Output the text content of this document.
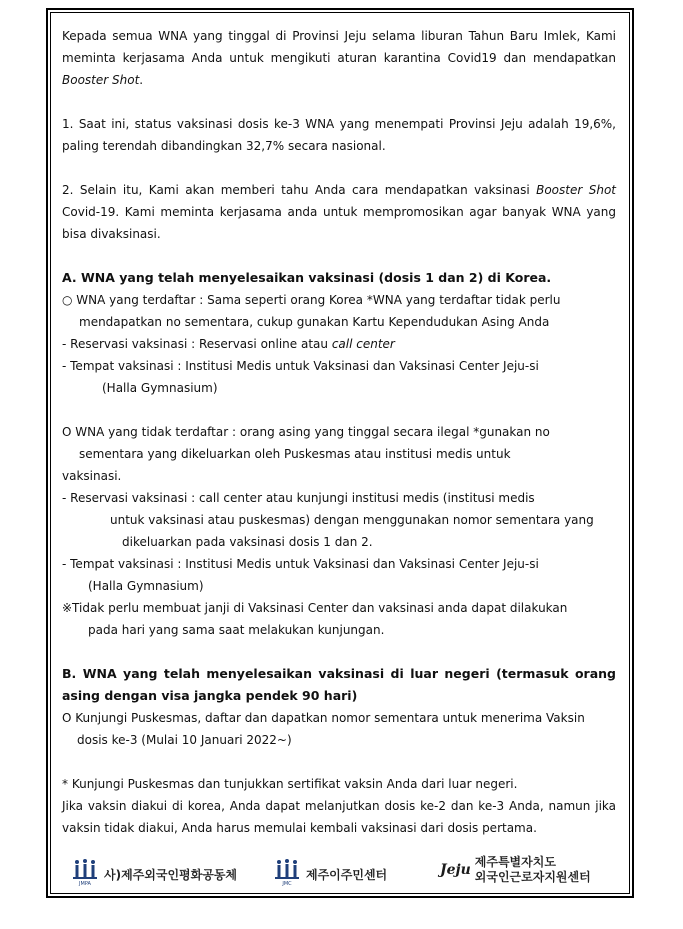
Kepada semua WNA yang tinggal di Provinsi Jeju selama liburan Tahun Baru Imlek, Kami meminta kerjasama Anda untuk mengikuti aturan karantina Covid19 dan mendapatkan Booster Shot.

1. Saat ini, status vaksinasi dosis ke-3 WNA yang menempati Provinsi Jeju adalah 19,6%, paling terendah dibandingkan 32,7% secara nasional.

2. Selain itu, Kami akan memberi tahu Anda cara mendapatkan vaksinasi Booster Shot Covid-19. Kami meminta kerjasama anda untuk mempromosikan agar banyak WNA yang bisa divaksinasi.

A. WNA yang telah menyelesaikan vaksinasi (dosis 1 dan 2) di Korea.

○ WNA yang terdaftar : Sama seperti orang Korea *WNA yang terdaftar tidak perlu

mendapatkan no sementara, cukup gunakan Kartu Kependudukan Asing Anda

- Reservasi vaksinasi : Reservasi online atau call center

- Tempat vaksinasi : Institusi Medis untuk Vaksinasi dan Vaksinasi Center Jeju-si

(Halla Gymnasium)

O WNA yang tidak terdaftar : orang asing yang tinggal secara ilegal *gunakan no

sementara yang dikeluarkan oleh Puskesmas atau institusi medis untuk

vaksinasi.

- Reservasi vaksinasi : call center atau kunjungi institusi medis (institusi medis

untuk vaksinasi atau puskesmas) dengan menggunakan nomor sementara yang

dikeluarkan pada vaksinasi dosis 1 dan 2.

- Tempat vaksinasi : Institusi Medis untuk Vaksinasi dan Vaksinasi Center Jeju-si

(Halla Gymnasium)

※Tidak perlu membuat janji di Vaksinasi Center dan vaksinasi anda dapat dilakukan

pada hari yang sama saat melakukan kunjungan.

B. WNA yang telah menyelesaikan vaksinasi di luar negeri (termasuk orang asing dengan visa jangka pendek 90 hari)

O Kunjungi Puskesmas, daftar dan dapatkan nomor sementara untuk menerima Vaksin

dosis ke-3 (Mulai 10 Januari 2022~)

* Kunjungi Puskesmas dan tunjukkan sertifikat vaksin Anda dari luar negeri.

Jika vaksin diakui di korea, Anda dapat melanjutkan dosis ke-2 dan ke-3 Anda, namun jika vaksin tidak diakui, Anda harus memulai kembali vaksinasi dari dosis pertama.

JMPA
사)제주외국인평화공동체
JMC
제주이주민센터	Jeju 제주특별자치도
외국인근로자지원센터
